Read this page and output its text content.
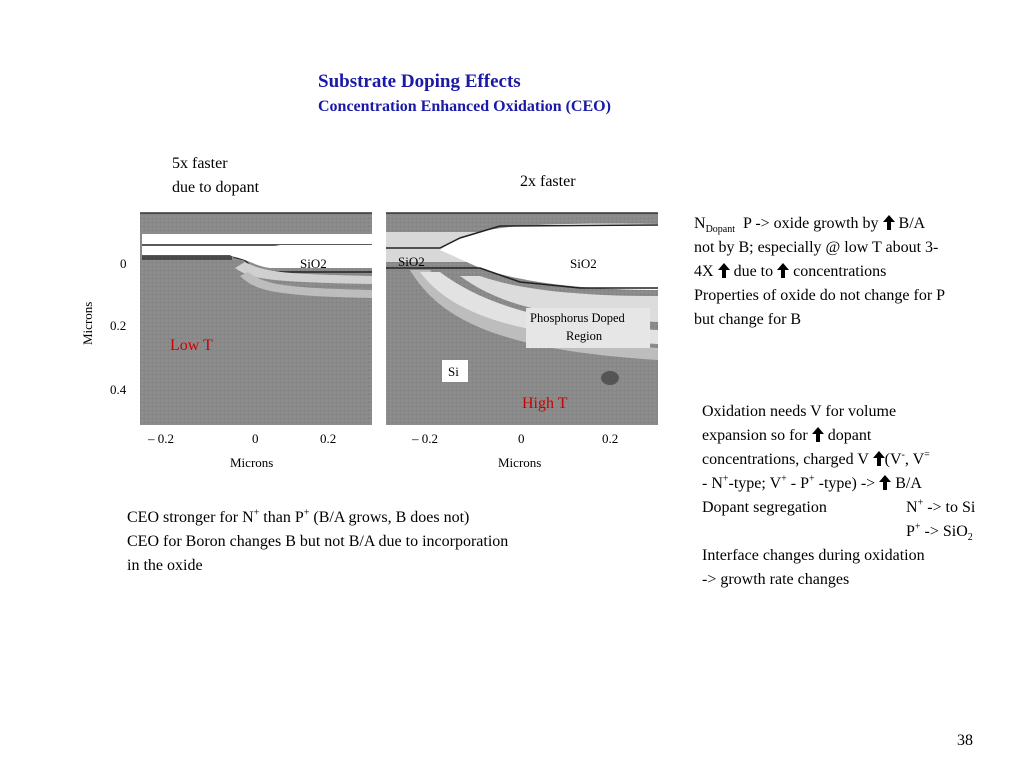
Substrate Doping Effects
Concentration Enhanced Oxidation (CEO)
5x faster
due to dopant	2x faster
Microns
0
0.2
0.4
– 0.2	0	0.2
Microns
– 0.2	0	0.2
Microns
SiO2	SiO2	SiO2
Phosphorus Doped
Region
Si
Low T
High T
$N_{Dopant}$ P -> oxide growth by B/A
not by B; especially @ low T about 3-
4X due to concentrations
Properties of oxide do not change for P
but change for B
Oxidation needs V for volume
expansion so for dopant
concentrations, charged V (V-, V=
- N+-type; V+ - P+ -type) -> B/A
Dopant segregation	N+ -> to Si
P+ -> SiO$_2$
Interface changes during oxidation
-> growth rate changes
CEO stronger for N+ than P+ (B/A grows, B does not)
CEO for Boron changes B but not B/A due to incorporation
in the oxide
38
